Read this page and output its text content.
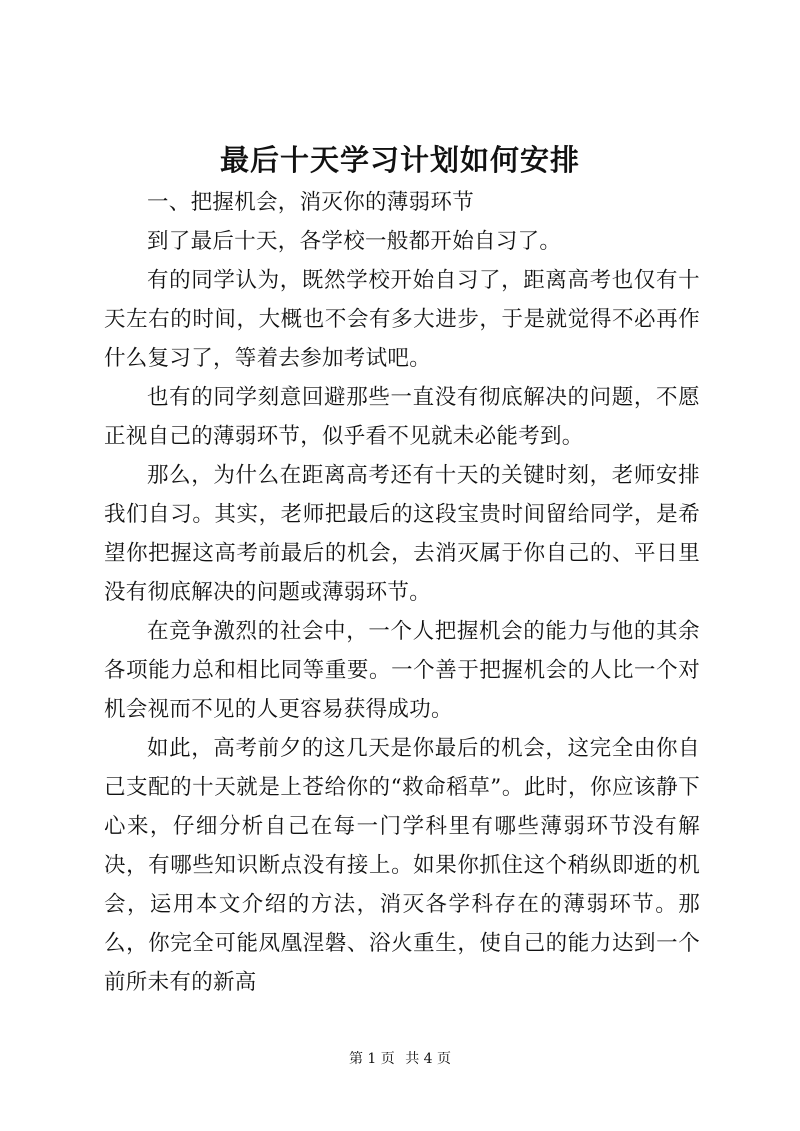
最后十天学习计划如何安排

一、把握机会，消灭你的薄弱环节

到了最后十天，各学校一般都开始自习了。

有的同学认为，既然学校开始自习了，距离高考也仅有十天左右的时间，大概也不会有多大进步，于是就觉得不必再作什么复习了，等着去参加考试吧。

也有的同学刻意回避那些一直没有彻底解决的问题，不愿正视自己的薄弱环节，似乎看不见就未必能考到。

那么，为什么在距离高考还有十天的关键时刻，老师安排我们自习。其实，老师把最后的这段宝贵时间留给同学，是希望你把握这高考前最后的机会，去消灭属于你自己的、平日里没有彻底解决的问题或薄弱环节。

在竞争激烈的社会中，一个人把握机会的能力与他的其余各项能力总和相比同等重要。一个善于把握机会的人比一个对机会视而不见的人更容易获得成功。

如此，高考前夕的这几天是你最后的机会，这完全由你自己支配的十天就是上苍给你的“救命稻草”。此时，你应该静下心来，仔细分析自己在每一门学科里有哪些薄弱环节没有解决，有哪些知识断点没有接上。如果你抓住这个稍纵即逝的机会，运用本文介绍的方法，消灭各学科存在的薄弱环节。那么，你完全可能凤凰涅磐、浴火重生，使自己的能力达到一个前所未有的新高

第 1 页 共 4 页
